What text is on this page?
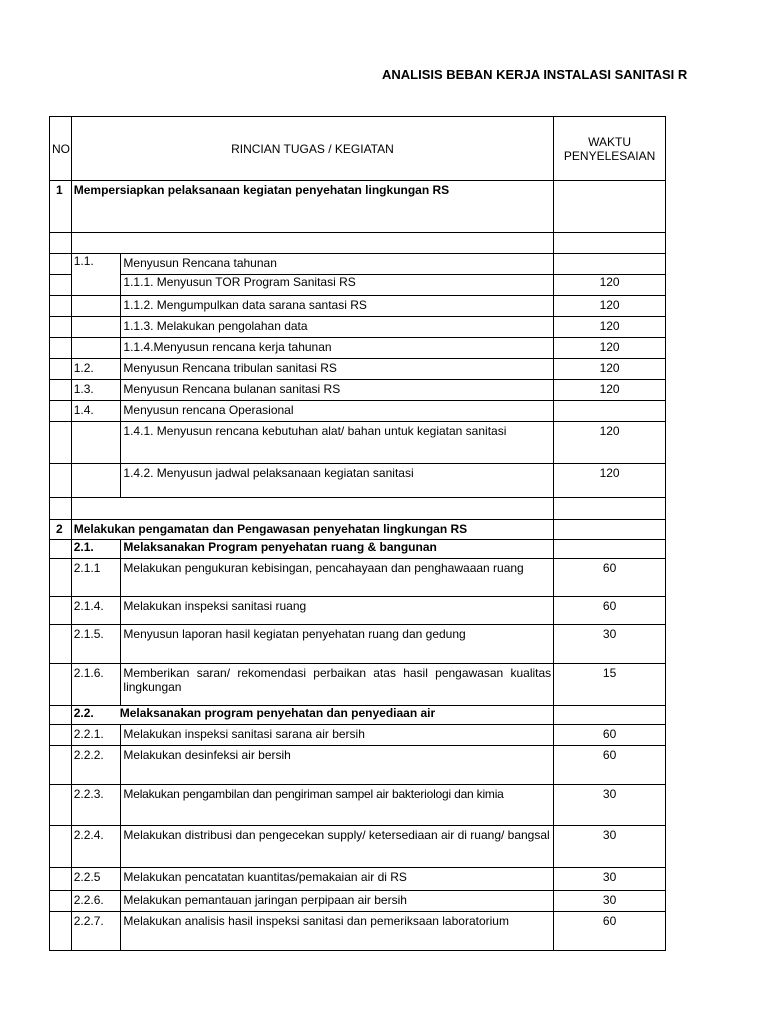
ANALISIS BEBAN KERJA INSTALASI SANITASI R
NO	RINCIAN TUGAS / KEGIATAN		WAKTU PENYELESAIAN
1	Mempersiapkan pelaksanaan kegiatan penyehatan lingkungan RS		

	1.1.	Menyusun Rencana tahunan	
		1.1.1. Menyusun TOR Program Sanitasi RS	120
		1.1.2. Mengumpulkan data sarana santasi RS	120
		1.1.3. Melakukan pengolahan data	120
		1.1.4.Menyusun rencana kerja tahunan	120
	1.2.	Menyusun Rencana tribulan sanitasi RS	120
	1.3.	Menyusun Rencana bulanan sanitasi RS	120
	1.4.	Menyusun rencana Operasional	
		1.4.1. Menyusun rencana kebutuhan alat/ bahan untuk kegiatan sanitasi	120
		1.4.2. Menyusun jadwal pelaksanaan kegiatan sanitasi	120

2	Melakukan pengamatan dan Pengawasan penyehatan lingkungan RS		
	2.1.	Melaksanakan Program penyehatan ruang & bangunan	
	2.1.1	Melakukan pengukuran kebisingan, pencahayaan dan penghawaaan ruang	60
	2.1.4.	Melakukan inspeksi sanitasi ruang	60
	2.1.5.	Menyusun laporan hasil kegiatan penyehatan ruang dan gedung	30
	2.1.6.	Memberikan saran/ rekomendasi perbaikan atas hasil pengawasan kualitas lingkungan	15
	2.2. Melaksanakan program penyehatan dan penyediaan air		
	2.2.1.	Melakukan inspeksi sanitasi sarana air bersih	60
	2.2.2.	Melakukan desinfeksi air bersih	60
	2.2.3.	Melakukan pengambilan dan pengiriman sampel air bakteriologi dan kimia	30
	2.2.4.	Melakukan distribusi dan pengecekan supply/ ketersediaan air di ruang/ bangsal	30
	2.2.5	Melakukan pencatatan kuantitas/pemakaian air di RS	30
	2.2.6.	Melakukan pemantauan jaringan perpipaan air bersih	30
	2.2.7.	Melakukan analisis hasil inspeksi sanitasi dan pemeriksaan laboratorium	60
